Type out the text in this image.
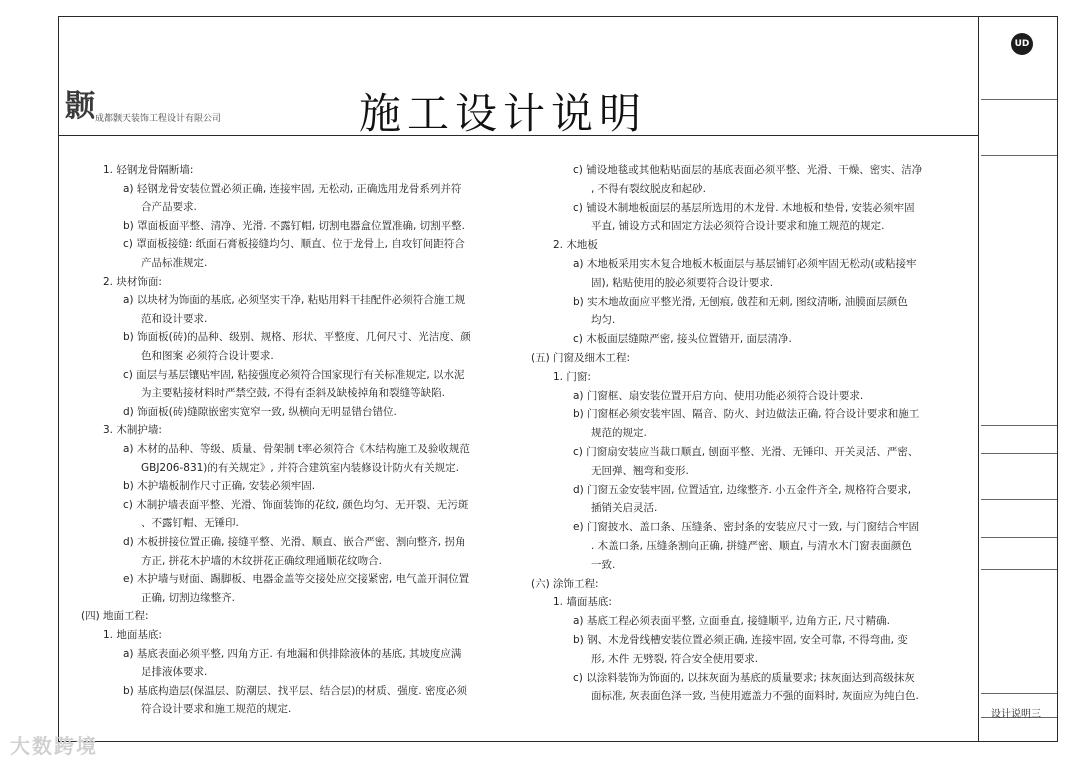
颢 成都颢天装饰工程设计有限公司	施工设计说明
1. 轻钢龙骨隔断墙:
a) 轻钢龙骨安装位置必须正确, 连接牢固, 无松动, 正确选用龙骨系列并符
合产品要求.
b) 罩面板面平整、清净、光滑. 不露钉帽, 切割电器盒位置准确, 切割平整.
c) 罩面板接缝: 纸面石膏板接缝均匀、顺直、位于龙骨上, 自攻钉间距符合
产品标准规定.
2. 块材饰面:
a) 以块材为饰面的基底, 必须坚实干净, 粘贴用料干挂配件必须符合施工规
范和设计要求.
b) 饰面板(砖)的品种、级别、规格、形状、平整度、几何尺寸、光洁度、颜
色和图案 必须符合设计要求.
c) 面层与基层镶贴牢固, 粘接强度必须符合国家现行有关标准规定, 以水泥
为主要粘接材料时严禁空鼓, 不得有歪斜及缺棱掉角和裂缝等缺陷.
d) 饰面板(砖)缝隙嵌密实宽窄一致, 纵横向无明显错台错位.
3. 木制护墙:
a) 木材的品种、等级、质量、骨架制 t率必须符合《木结构施工及验收规范
GBJ206-831)的有关规定》, 并符合建筑室内装修设计防火有关规定.
b) 木护墙板制作尺寸正确, 安装必须牢固.
c) 木制护墙表面平整、光滑、饰面装饰的花纹, 颜色均匀、无开裂、无污斑
、不露钉帽、无锤印.
d) 木板拼接位置正确, 接缝平整、光滑、顺直、嵌合严密、割向整齐, 拐角
方正, 拼花木护墙的木纹拼花正确纹理通顺花纹吻合.
e) 木护墙与财面、踢脚板、电器金盖等交接处应交接紧密, 电气盖开洞位置
正确, 切割边缘整齐.
(四) 地面工程:
1. 地面基底:
a) 基底表面必须平整, 四角方正. 有地漏和供排除液体的基底, 其坡度应满
足排液体要求.
b) 基底构造层(保温层、防潮层、找平层、结合层)的材质、强度. 密度必须
符合设计要求和施工规范的规定.
c) 铺设地毯或其他粘贴面层的基底表面必须平整、光滑、干燥、密实、洁净
, 不得有裂纹脱皮和起砂.
c) 铺设木制地板面层的基层所选用的木龙骨. 木地板和垫骨, 安装必须牢固
平直, 铺设方式和固定方法必须符合设计要求和施工规范的规定.
2. 木地板
a) 木地板采用实木复合地板木板面层与基层铺钉必须牢固无松动(或粘接牢
固), 粘贴使用的胶必须要符合设计要求.
b) 实木地故面应平整光滑, 无刨痕, 戗茬和无刺, 图纹清晰, 油膜面层颜色
均匀.
c) 木板面层缝隙严密, 接头位置错开, 面层清净.
(五) 门窗及细木工程:
1. 门窗:
a) 门窗框、扇安装位置开启方向、使用功能必须符合设计要求.
b) 门窗框必须安装牢固、隔音、防火、封边做法正确, 符合设计要求和施工
规范的规定.
c) 门窗扇安装应当裁口顺直, 刨面平整、光滑、无锤印、开关灵活、严密、
无回弹、翘弯和变形.
d) 门窗五金安装牢固, 位置适宜, 边缘整齐. 小五金件齐全, 规格符合要求,
插销关启灵活.
e) 门窗披水、盖口条、压缝条、密封条的安装应尺寸一致, 与门窗结合牢固
. 木盖口条, 压缝条割向正确, 拼缝严密、顺直, 与清水木门窗表面颜色
一致.
(六) 涂饰工程:
1. 墙面基底:
a) 基底工程必须表面平整, 立面垂直, 接缝顺平, 边角方正, 尺寸精确.
b) 钢、木龙骨线槽安装位置必须正确, 连接牢固, 安全可靠, 不得弯曲, 变
形, 木件 无劈裂, 符合安全使用要求.
c) 以涂料装饰为饰面的, 以抹灰面为基底的质量要求; 抹灰面达到高级抹灰
面标准, 灰表面色泽一致, 当使用遮盖力不强的面料时, 灰面应为纯白色.
UD
设计说明三
大数跨境
